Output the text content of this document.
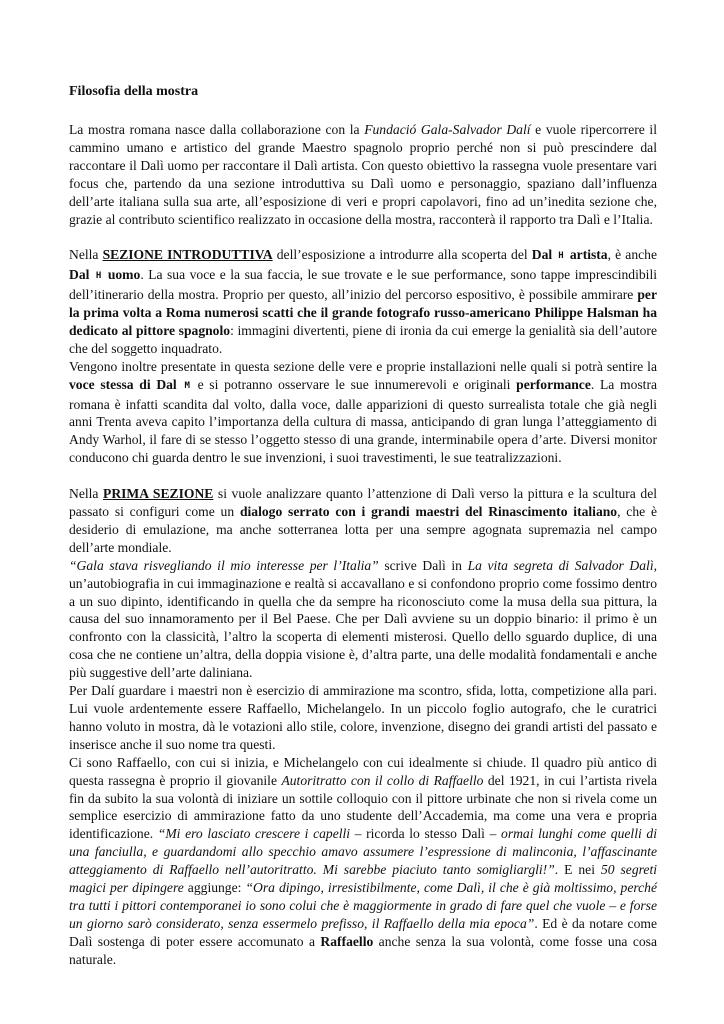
Filosofia della mostra

La mostra romana nasce dalla collaborazione con la Fundació Gala-Salvador Dalí e vuole ripercorrere il cammino umano e artistico del grande Maestro spagnolo proprio perché non si può prescindere dal raccontare il Dalì uomo per raccontare il Dalì artista. Con questo obiettivo la rassegna vuole presentare vari focus che, partendo da una sezione introduttiva su Dalì uomo e personaggio, spaziano dall’influenza dell’arte italiana sulla sua arte, all’esposizione di veri e propri capolavori, fino ad un’inedita sezione che, grazie al contributo scientifico realizzato in occasione della mostra, racconterà il rapporto tra Dalì e l’Italia.

Nella SEZIONE INTRODUTTIVA dell’esposizione a introdurre alla scoperta del Dal H artista, è anche Dal H uomo. La sua voce e la sua faccia, le sue trovate e le sue performance, sono tappe imprescindibili dell’itinerario della mostra. Proprio per questo, all’inizio del percorso espositivo, è possibile ammirare per la prima volta a Roma numerosi scatti che il grande fotografo russo-americano Philippe Halsman ha dedicato al pittore spagnolo: immagini divertenti, piene di ironia da cui emerge la genialità sia dell’autore che del soggetto inquadrato.

Vengono inoltre presentate in questa sezione delle vere e proprie installazioni nelle quali si potrà sentire la voce stessa di Dal M e si potranno osservare le sue innumerevoli e originali performance. La mostra romana è infatti scandita dal volto, dalla voce, dalle apparizioni di questo surrealista totale che già negli anni Trenta aveva capito l’importanza della cultura di massa, anticipando di gran lunga l’atteggiamento di Andy Warhol, il fare di se stesso l’oggetto stesso di una grande, interminabile opera d’arte. Diversi monitor conducono chi guarda dentro le sue invenzioni, i suoi travestimenti, le sue teatralizzazioni.

Nella PRIMA SEZIONE si vuole analizzare quanto l’attenzione di Dalì verso la pittura e la scultura del passato si configuri come un dialogo serrato con i grandi maestri del Rinascimento italiano, che è desiderio di emulazione, ma anche sotterranea lotta per una sempre agognata supremazia nel campo dell’arte mondiale.

“Gala stava risvegliando il mio interesse per l’Italia” scrive Dalì in La vita segreta di Salvador Dalì, un’autobiografia in cui immaginazione e realtà si accavallano e si confondono proprio come fossimo dentro a un suo dipinto, identificando in quella che da sempre ha riconosciuto come la musa della sua pittura, la causa del suo innamoramento per il Bel Paese. Che per Dalì avviene su un doppio binario: il primo è un confronto con la classicità, l’altro la scoperta di elementi misterosi. Quello dello sguardo duplice, di una cosa che ne contiene un’altra, della doppia visione è, d’altra parte, una delle modalità fondamentali e anche più suggestive dell’arte daliniana.

Per Dalí guardare i maestri non è esercizio di ammirazione ma scontro, sfida, lotta, competizione alla pari. Lui vuole ardentemente essere Raffaello, Michelangelo. In un piccolo foglio autografo, che le curatrici hanno voluto in mostra, dà le votazioni allo stile, colore, invenzione, disegno dei grandi artisti del passato e inserisce anche il suo nome tra questi.

Ci sono Raffaello, con cui si inizia, e Michelangelo con cui idealmente si chiude. Il quadro più antico di questa rassegna è proprio il giovanile Autoritratto con il collo di Raffaello del 1921, in cui l’artista rivela fin da subito la sua volontà di iniziare un sottile colloquio con il pittore urbinate che non si rivela come un semplice esercizio di ammirazione fatto da uno studente dell’Accademia, ma come una vera e propria identificazione. “Mi ero lasciato crescere i capelli – ricorda lo stesso Dalì – ormai lunghi come quelli di una fanciulla, e guardandomi allo specchio amavo assumere l’espressione di malinconia, l’affascinante atteggiamento di Raffaello nell’autoritratto. Mi sarebbe piaciuto tanto somigliargli!”. E nei 50 segreti magici per dipingere aggiunge: “Ora dipingo, irresistibilmente, come Dalì, il che è già moltissimo, perché tra tutti i pittori contemporanei io sono colui che è maggiormente in grado di fare quel che vuole – e forse un giorno sarò considerato, senza essermelo prefisso, il Raffaello della mia epoca”. Ed è da notare come Dalì sostenga di poter essere accomunato a Raffaello anche senza la sua volontà, come fosse una cosa naturale.
